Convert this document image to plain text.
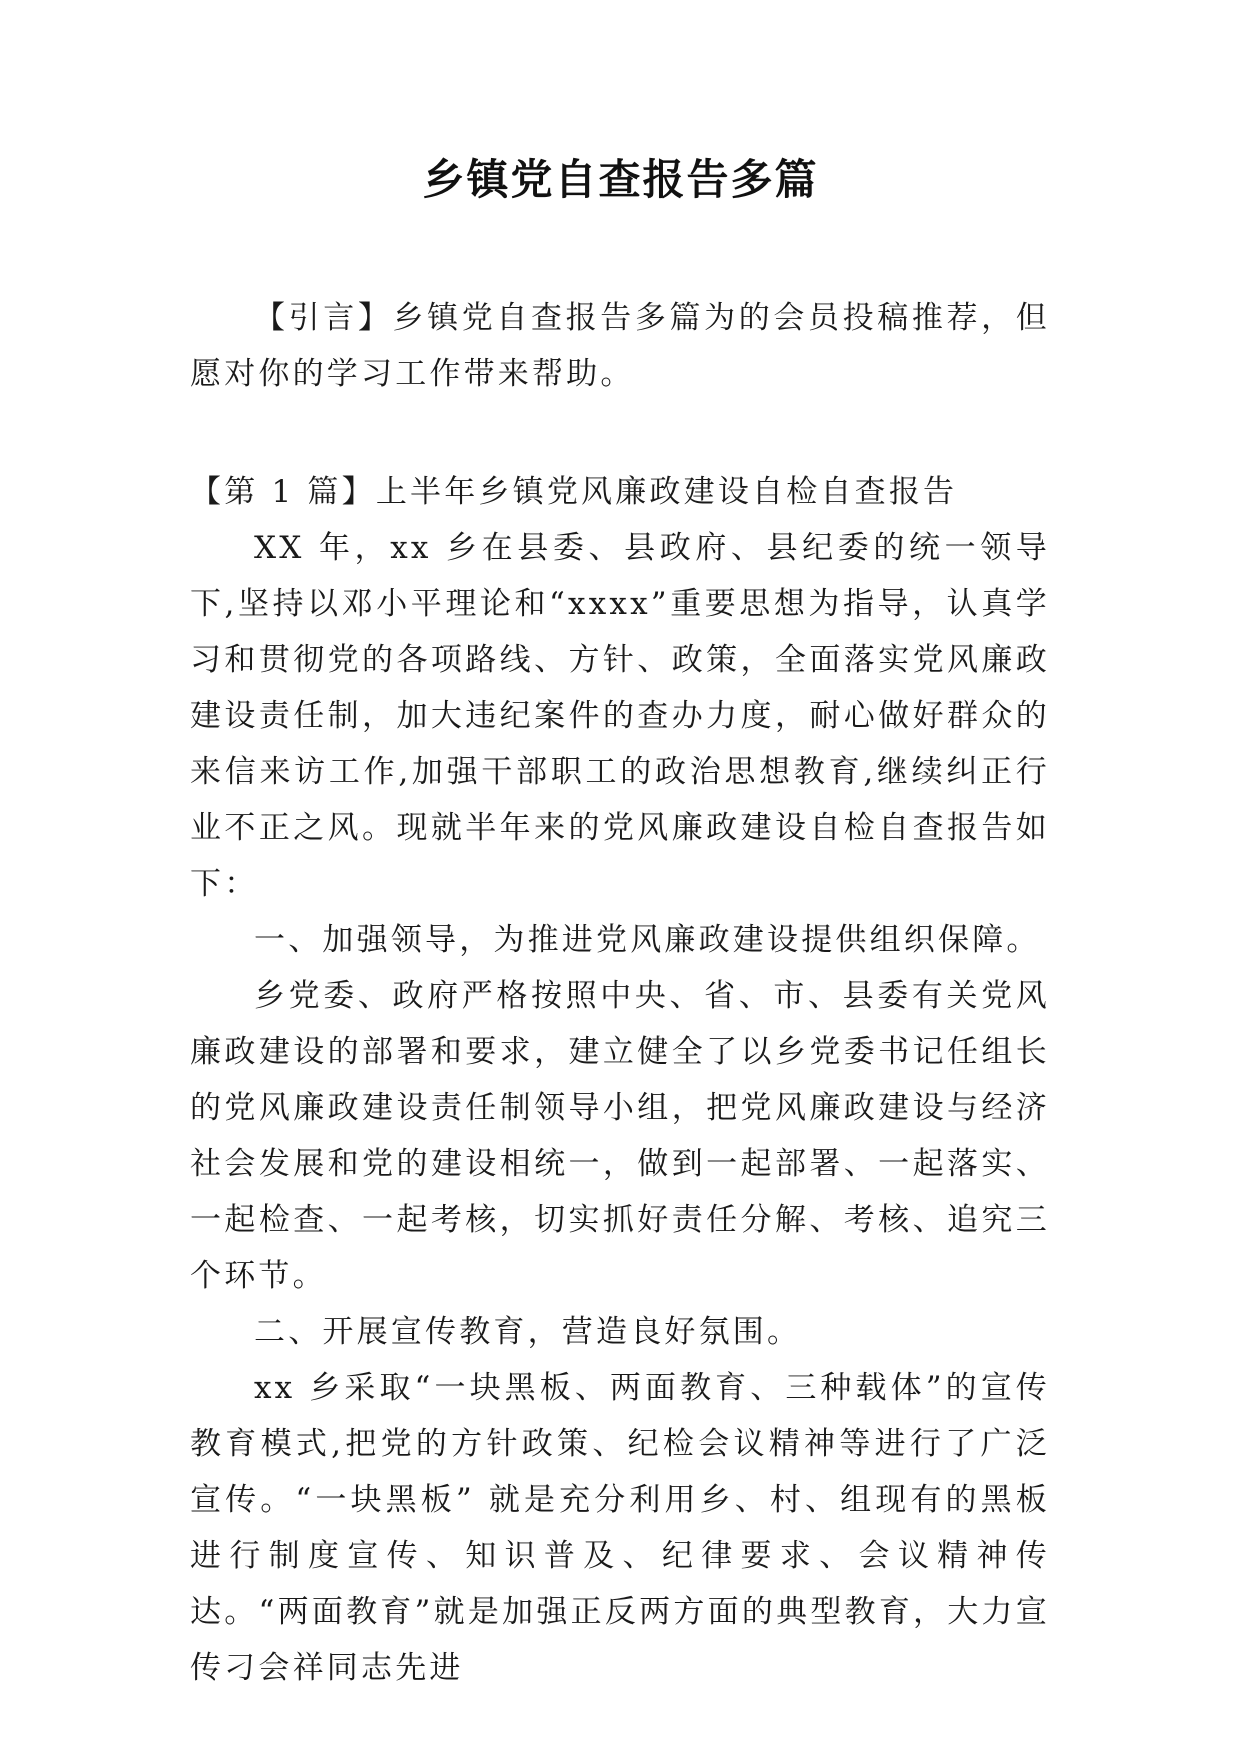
乡镇党自查报告多篇
【引言】乡镇党自查报告多篇为的会员投稿推荐，但愿对你的学习工作带来帮助。

【第 1 篇】上半年乡镇党风廉政建设自检自查报告

XX 年，xx 乡在县委、县政府、县纪委的统一领导下,坚持以邓小平理论和“xxxx”重要思想为指导，认真学习和贯彻党的各项路线、方针、政策，全面落实党风廉政建设责任制，加大违纪案件的查办力度，耐心做好群众的来信来访工作,加强干部职工的政治思想教育,继续纠正行业不正之风。现就半年来的党风廉政建设自检自查报告如下：

一、加强领导，为推进党风廉政建设提供组织保障。

乡党委、政府严格按照中央、省、市、县委有关党风廉政建设的部署和要求，建立健全了以乡党委书记任组长的党风廉政建设责任制领导小组，把党风廉政建设与经济社会发展和党的建设相统一，做到一起部署、一起落实、一起检查、一起考核，切实抓好责任分解、考核、追究三个环节。

二、开展宣传教育，营造良好氛围。

xx 乡采取“一块黑板、两面教育、三种载体”的宣传教育模式,把党的方针政策、纪检会议精神等进行了广泛宣传。“一块黑板” 就是充分利用乡、村、组现有的黑板进行制度宣传、知识普及、纪律要求、会议精神传达。“两面教育”就是加强正反两方面的典型教育，大力宣传刁会祥同志先进
